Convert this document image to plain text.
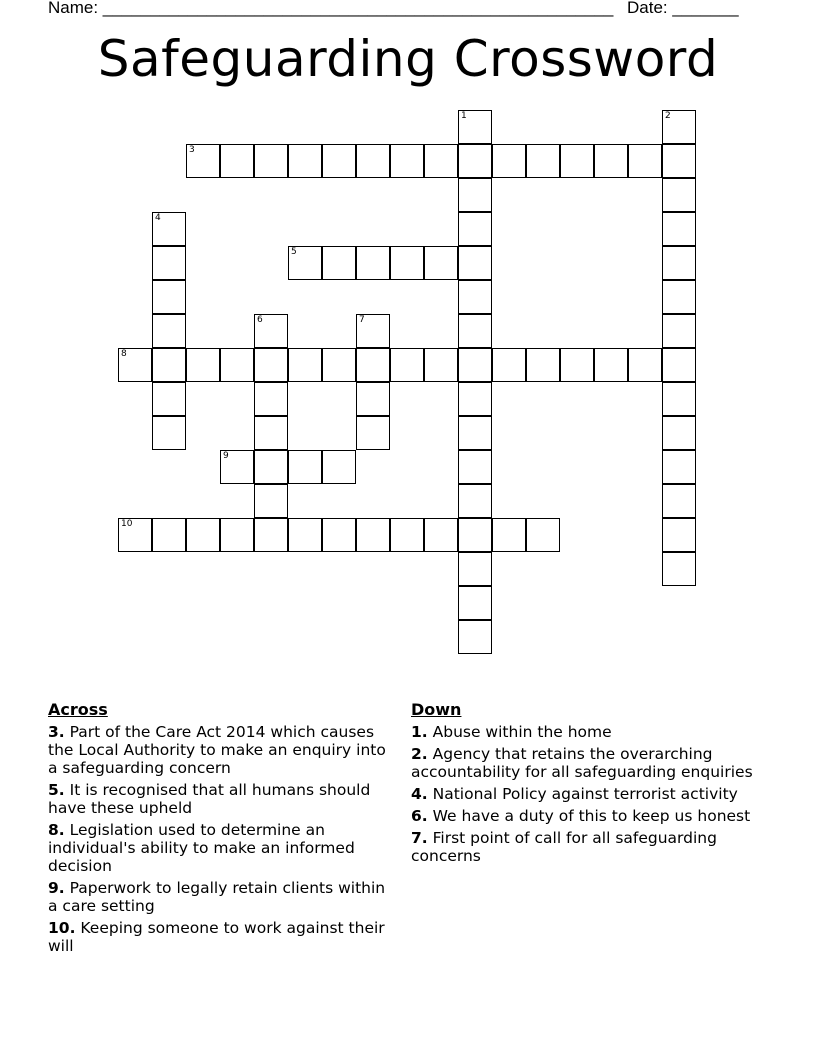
Name: ______________________________________________________ Date: _______
Safeguarding Crossword
1	2
3
4
5
6	7
8
9
10
Across
3. Part of the Care Act 2014 which causes the Local Authority to make an enquiry into a safeguarding concern
5. It is recognised that all humans should have these upheld
8. Legislation used to determine an individual's ability to make an informed decision
9. Paperwork to legally retain clients within a care setting
10. Keeping someone to work against their will
Down
1. Abuse within the home
2. Agency that retains the overarching accountability for all safeguarding enquiries
4. National Policy against terrorist activity
6. We have a duty of this to keep us honest
7. First point of call for all safeguarding concerns
